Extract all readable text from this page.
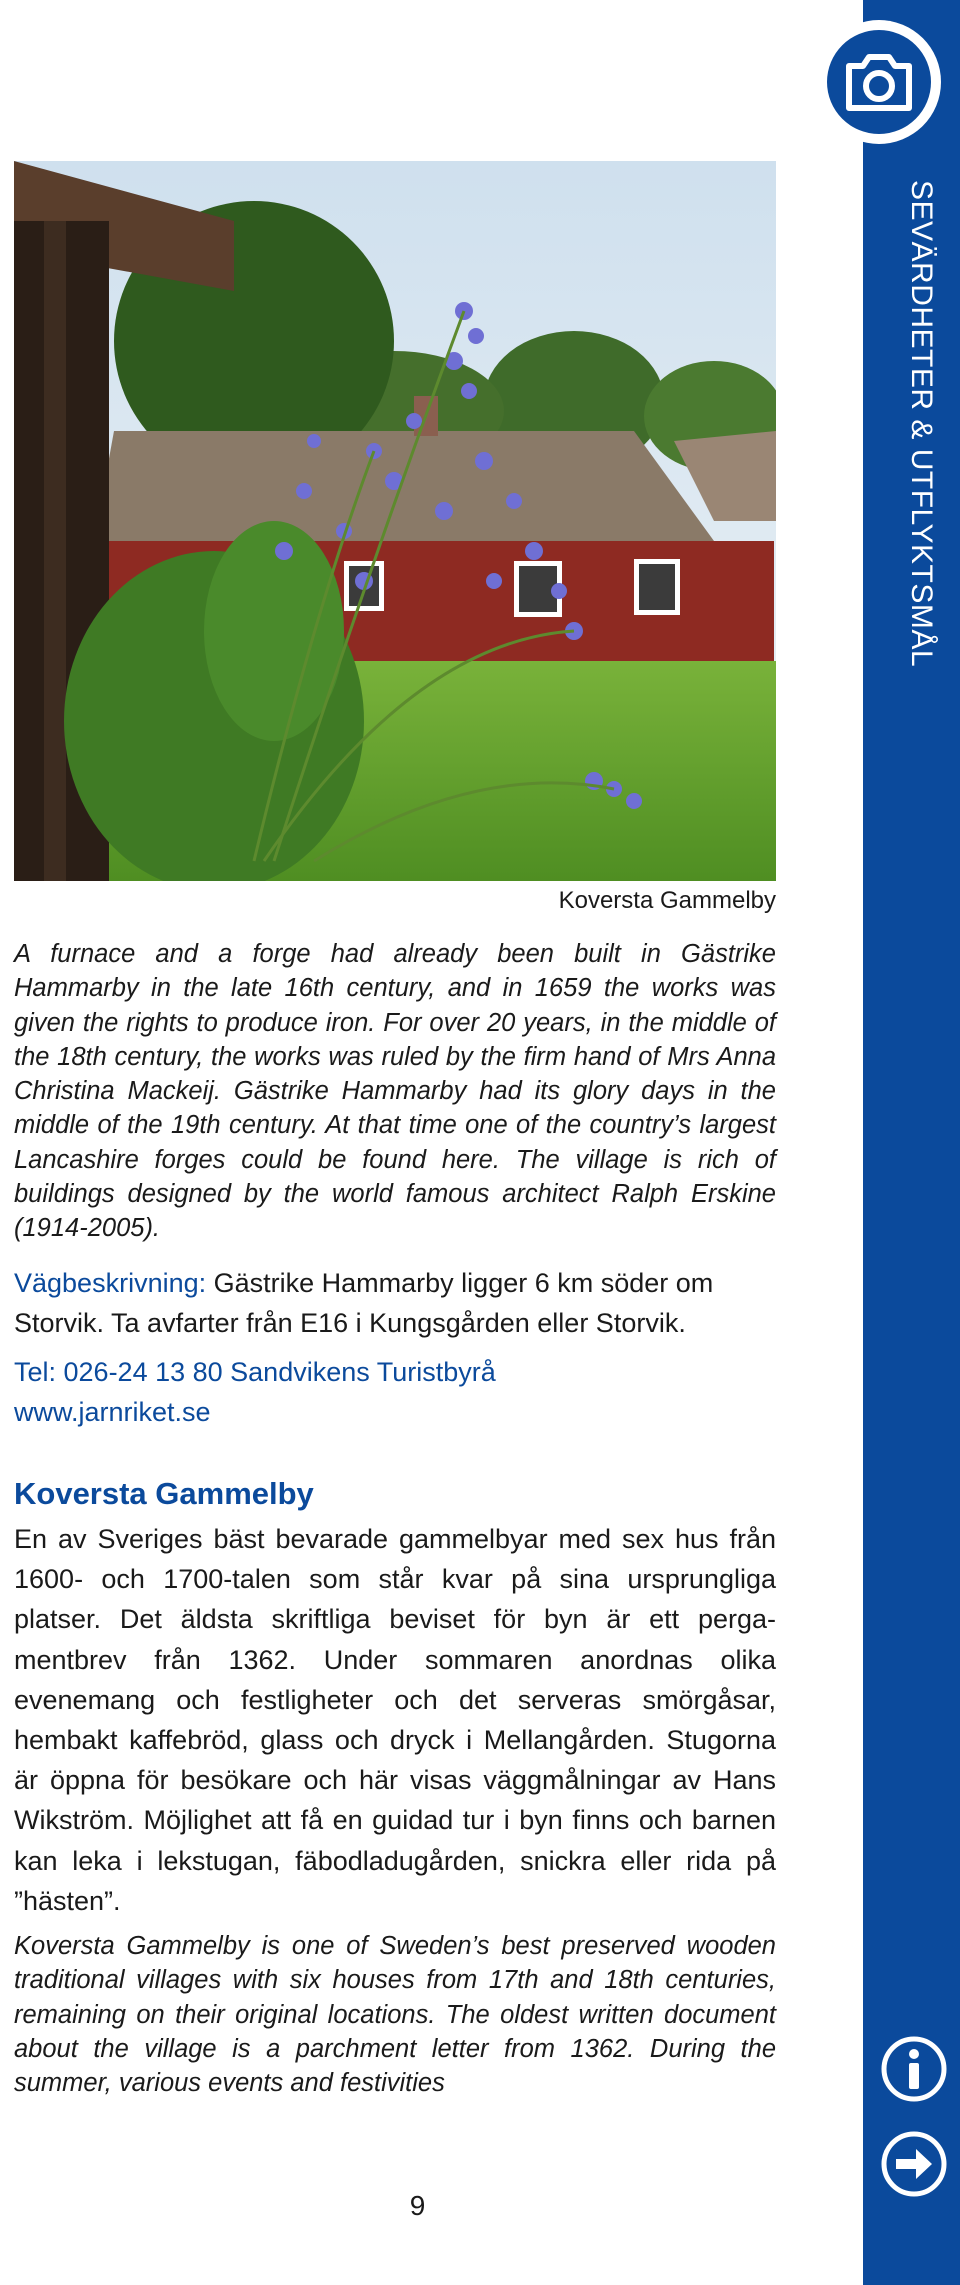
SEVÄRDHETER & UTFLYKTSMÅL
Koversta Gammelby

A furnace and a forge had already been built in Gästrike Hammarby in the late 16th century, and in 1659 the works was given the rights to produce iron. For over 20 years, in the middle of the 18th century, the works was ruled by the firm hand of Mrs Anna Christina Mackeij. Gästrike Hammarby had its glory days in the middle of the 19th century. At that time one of the country’s largest Lancashire forges could be found here. The village is rich of buildings designed by the world famous architect Ralph Erskine (1914-2005).

Vägbeskrivning: Gästrike Hammarby ligger 6 km söder om Storvik. Ta avfarter från E16 i Kungsgården eller Storvik.

Tel: 026-24 13 80 Sandvikens Turistbyrå
www.jarnriket.se
Koversta Gammelby

En av Sveriges bäst bevarade gammelbyar med sex hus från 1600- och 1700-talen som står kvar på sina ursprungliga platser. Det äldsta skriftliga beviset för byn är ett pergamentbrev från 1362. Under sommaren anordnas olika evenemang och festligheter och det serveras smörgåsar, hembakt kaffebröd, glass och dryck i Mellangården. Stugorna är öppna för besökare och här visas väggmålningar av Hans Wikström. Möjlighet att få en guidad tur i byn finns och barnen kan leka i lekstugan, fäbodladugården, snickra eller rida på ”hästen”.

Koversta Gammelby is one of Sweden’s best preserved wooden traditional villages with six houses from 17th and 18th centuries, remaining on their original locations. The oldest written document about the village is a parchment letter from 1362. During the summer, various events and festivities

9
